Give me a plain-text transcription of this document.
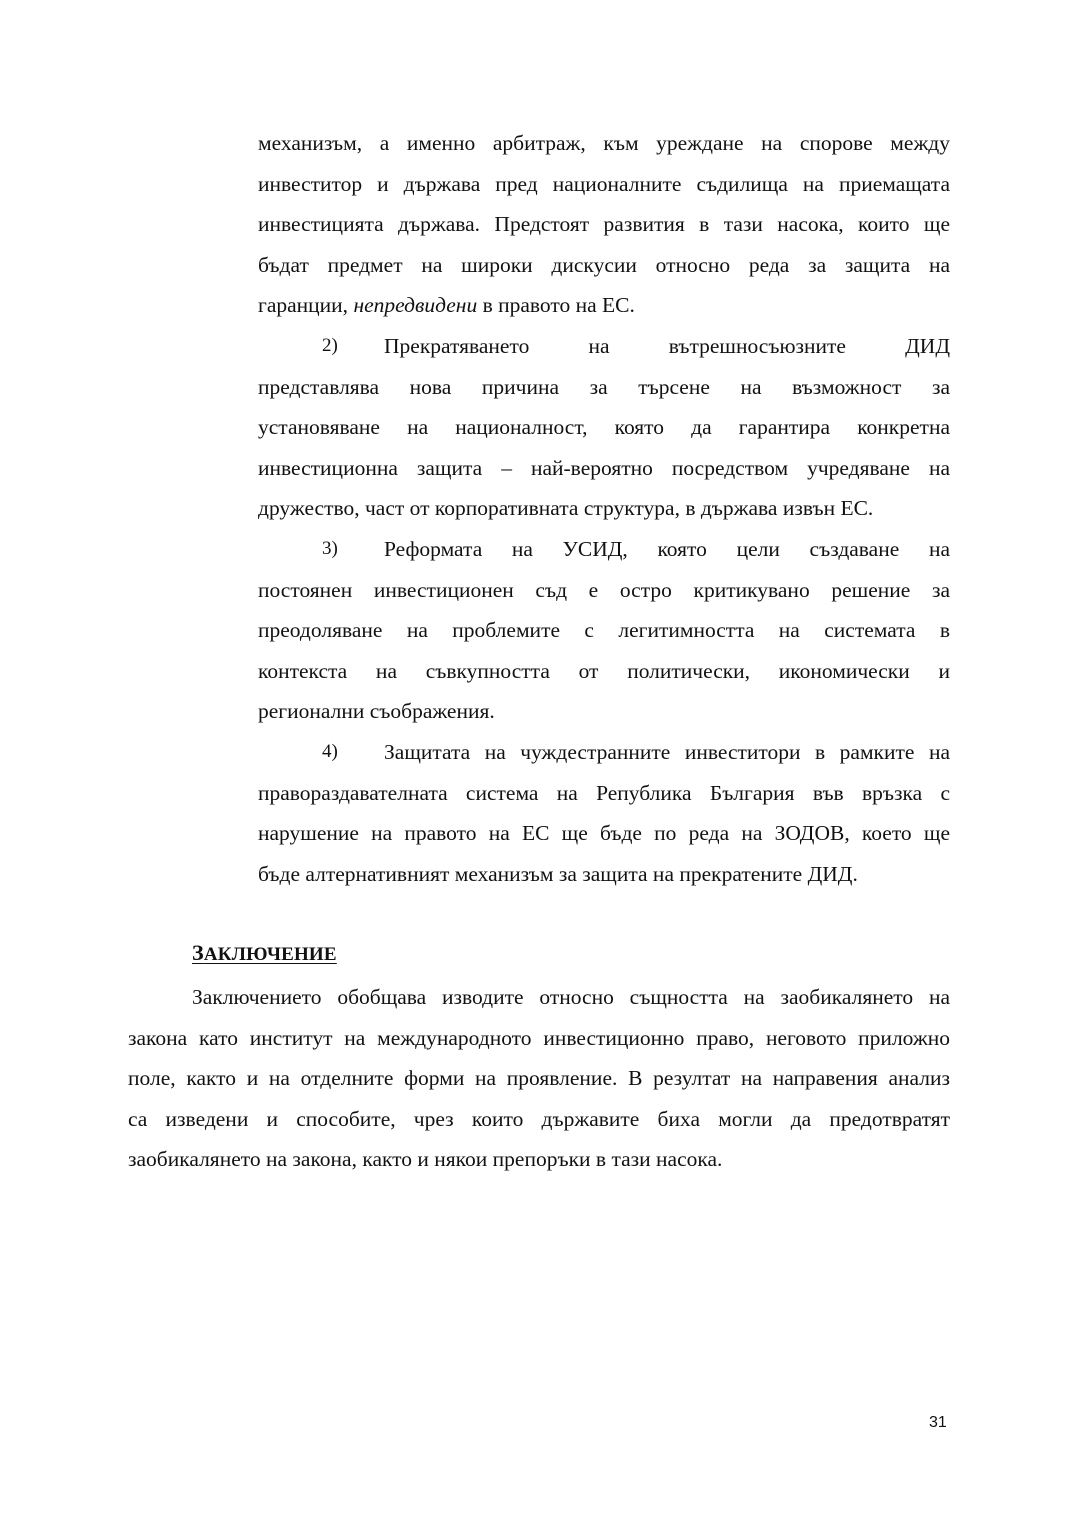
механизъм, а именно арбитраж, към уреждане на спорове между
инвеститор и държава пред националните съдилища на приемащата
инвестицията държава. Предстоят развития в тази насока, които ще
бъдат предмет на широки дискусии относно реда за защита на
гаранции, непредвидени в правото на ЕС.
2) Прекратяването на вътрешносъюзните ДИД
представлява нова причина за търсене на възможност за
установяване на националност, която да гарантира конкретна
инвестиционна защита – най-вероятно посредством учредяване на
дружество, част от корпоративната структура, в държава извън ЕС.
3) Реформата на УСИД, която цели създаване на
постоянен инвестиционен съд е остро критикувано решение за
преодоляване на проблемите с легитимността на системата в
контекста на съвкупността от политически, икономически и
регионални съображения.
4) Защитата на чуждестранните инвеститори в рамките на
правораздавателната система на Република България във връзка с
нарушение на правото на ЕС ще бъде по реда на ЗОДОВ, което ще
бъде алтернативният механизъм за защита на прекратените ДИД.
ЗАКЛЮЧЕНИЕ
Заключението обобщава изводите относно същността на заобикалянето на
закона като институт на международното инвестиционно право, неговото приложно
поле, както и на отделните форми на проявление. В резултат на направения анализ
са изведени и способите, чрез които държавите биха могли да предотвратят
заобикалянето на закона, както и някои препоръки в тази насока.
31
